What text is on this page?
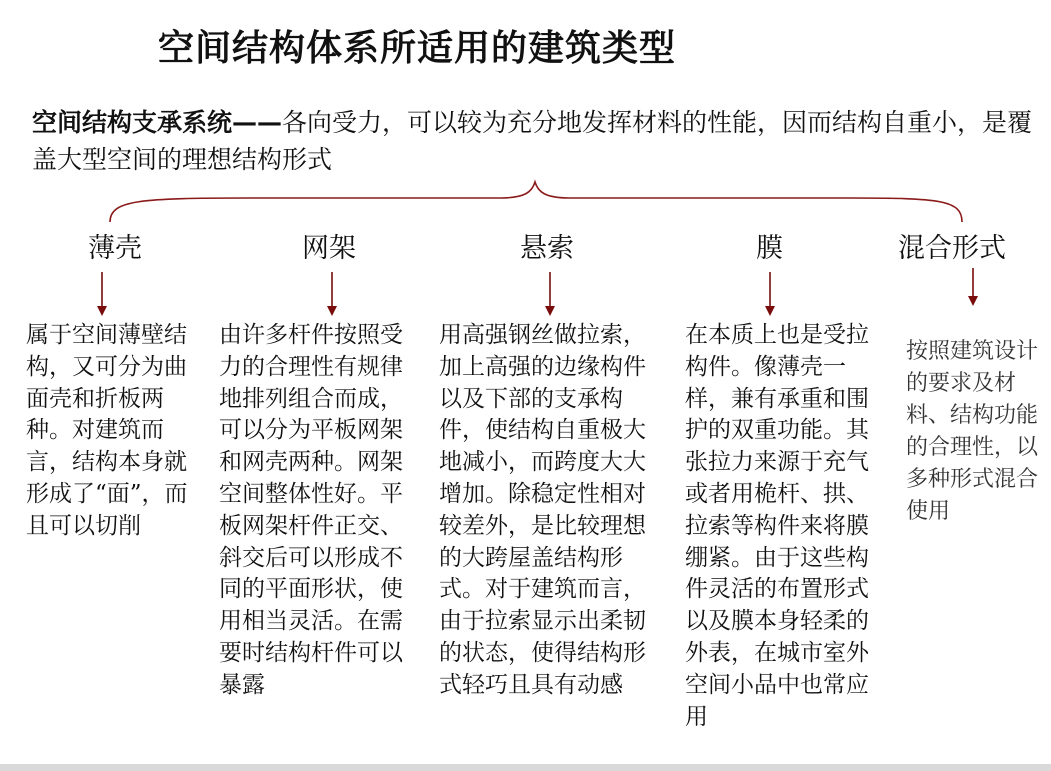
空间结构体系所适用的建筑类型
空间结构支承系统——各向受力，可以较为充分地发挥材料的性能，因而结构自重小，是覆盖大型空间的理想结构形式
薄壳	网架	悬索	膜	混合形式
属于空间薄壁结构，又可分为曲面壳和折板两种。对建筑而言，结构本身就形成了“面”，而且可以切削
由许多杆件按照受力的合理性有规律地排列组合而成，可以分为平板网架和网壳两种。网架空间整体性好。平板网架杆件正交、斜交后可以形成不同的平面形状，使用相当灵活。在需要时结构杆件可以暴露
用高强钢丝做拉索，加上高强的边缘构件以及下部的支承构件，使结构自重极大地减小，而跨度大大增加。除稳定性相对较差外，是比较理想的大跨屋盖结构形式。对于建筑而言，由于拉索显示出柔韧的状态，使得结构形式轻巧且具有动感
在本质上也是受拉构件。像薄壳一样，兼有承重和围护的双重功能。其张拉力来源于充气或者用桅杆、拱、拉索等构件来将膜绷紧。由于这些构件灵活的布置形式以及膜本身轻柔的外表，在城市室外空间小品中也常应用
按照建筑设计的要求及材料、结构功能的合理性，以多种形式混合使用
